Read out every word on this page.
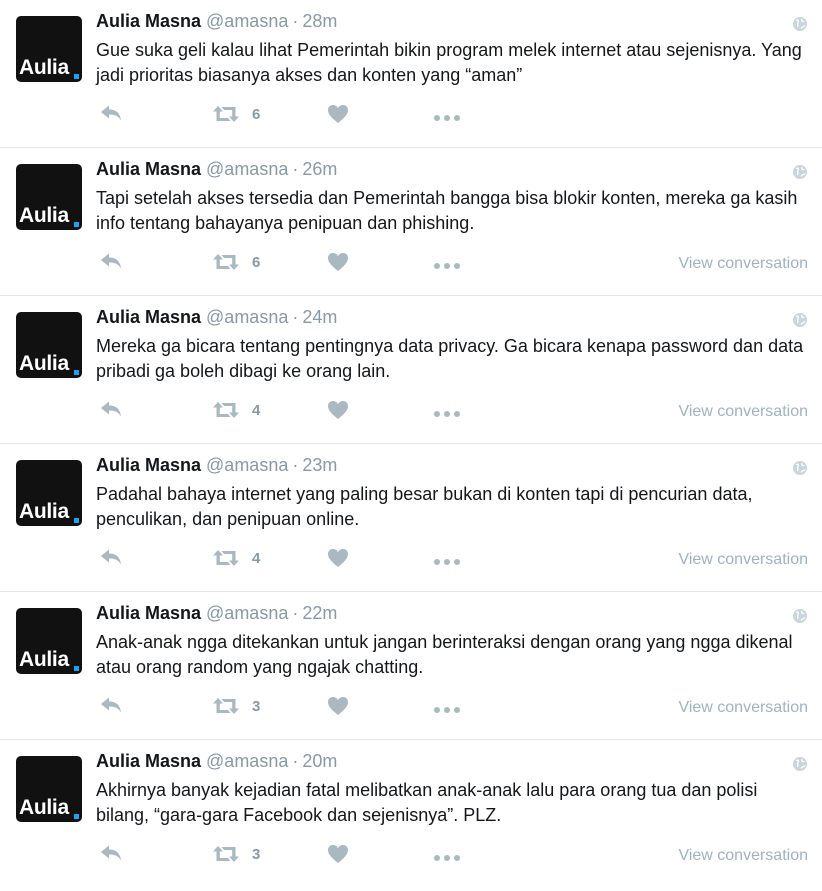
Aulia
Aulia Masna @amasna · 28m
Gue suka geli kalau lihat Pemerintah bikin program melek internet atau sejenisnya. Yang jadi prioritas biasanya akses dan konten yang “aman”
6
Aulia
Aulia Masna @amasna · 26m
Tapi setelah akses tersedia dan Pemerintah bangga bisa blokir konten, mereka ga kasih info tentang bahayanya penipuan dan phishing.
6	View conversation
Aulia
Aulia Masna @amasna · 24m
Mereka ga bicara tentang pentingnya data privacy. Ga bicara kenapa password dan data pribadi ga boleh dibagi ke orang lain.
4	View conversation
Aulia
Aulia Masna @amasna · 23m
Padahal bahaya internet yang paling besar bukan di konten tapi di pencurian data, penculikan, dan penipuan online.
4	View conversation
Aulia
Aulia Masna @amasna · 22m
Anak-anak ngga ditekankan untuk jangan berinteraksi dengan orang yang ngga dikenal atau orang random yang ngajak chatting.
3	View conversation
Aulia
Aulia Masna @amasna · 20m
Akhirnya banyak kejadian fatal melibatkan anak-anak lalu para orang tua dan polisi bilang, “gara-gara Facebook dan sejenisnya”. PLZ.
3	View conversation
